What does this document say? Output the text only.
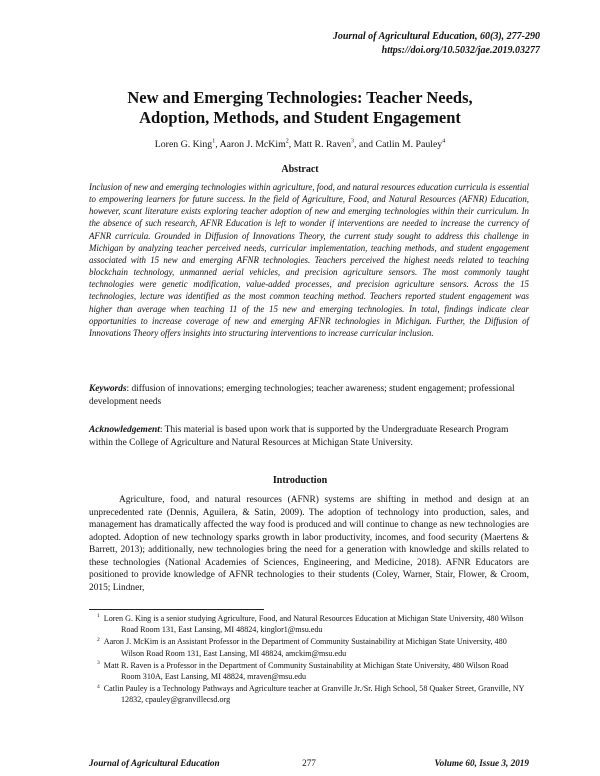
Journal of Agricultural Education, 60(3), 277-290
https://doi.org/10.5032/jae.2019.03277
New and Emerging Technologies: Teacher Needs,
Adoption, Methods, and Student Engagement
Loren G. King$^1$, Aaron J. McKim$^2$, Matt R. Raven$^3$, and Catlin M. Pauley$^4$
Abstract

Inclusion of new and emerging technologies within agriculture, food, and natural resources education curricula is essential to empowering learners for future success. In the field of Agriculture, Food, and Natural Resources (AFNR) Education, however, scant literature exists exploring teacher adoption of new and emerging technologies within their curriculum. In the absence of such research, AFNR Education is left to wonder if interventions are needed to increase the currency of AFNR curricula. Grounded in Diffusion of Innovations Theory, the current study sought to address this challenge in Michigan by analyzing teacher perceived needs, curricular implementation, teaching methods, and student engagement associated with 15 new and emerging AFNR technologies. Teachers perceived the highest needs related to teaching blockchain technology, unmanned aerial vehicles, and precision agriculture sensors. The most commonly taught technologies were genetic modification, value-added processes, and precision agriculture sensors. Across the 15 technologies, lecture was identified as the most common teaching method. Teachers reported student engagement was higher than average when teaching 11 of the 15 new and emerging technologies. In total, findings indicate clear opportunities to increase coverage of new and emerging AFNR technologies in Michigan. Further, the Diffusion of Innovations Theory offers insights into structuring interventions to increase curricular inclusion.

Keywords: diffusion of innovations; emerging technologies; teacher awareness; student engagement; professional development needs

Acknowledgement: This material is based upon work that is supported by the Undergraduate Research Program within the College of Agriculture and Natural Resources at Michigan State University.

Introduction

Agriculture, food, and natural resources (AFNR) systems are shifting in method and design at an unprecedented rate (Dennis, Aguilera, & Satin, 2009). The adoption of technology into production, sales, and management has dramatically affected the way food is produced and will continue to change as new technologies are adopted. Adoption of new technology sparks growth in labor productivity, incomes, and food security (Maertens & Barrett, 2013); additionally, new technologies bring the need for a generation with knowledge and skills related to these technologies (National Academies of Sciences, Engineering, and Medicine, 2018). AFNR Educators are positioned to provide knowledge of AFNR technologies to their students (Coley, Warner, Stair, Flower, & Croom, 2015; Lindner,

$^1$ Loren G. King is a senior studying Agriculture, Food, and Natural Resources Education at Michigan State University, 480 Wilson Road Room 131, East Lansing, MI 48824, kinglor1@msu.edu

$^2$ Aaron J. McKim is an Assistant Professor in the Department of Community Sustainability at Michigan State University, 480 Wilson Road Room 131, East Lansing, MI 48824, amckim@msu.edu

$^3$ Matt R. Raven is a Professor in the Department of Community Sustainability at Michigan State University, 480 Wilson Road Room 310A, East Lansing, MI 48824, mraven@msu.edu

$^4$ Catlin Pauley is a Technology Pathways and Agriculture teacher at Granville Jr./Sr. High School, 58 Quaker Street, Granville, NY 12832, cpauley@granvillecsd.org

Journal of Agricultural Education	277	Volume 60, Issue 3, 2019
